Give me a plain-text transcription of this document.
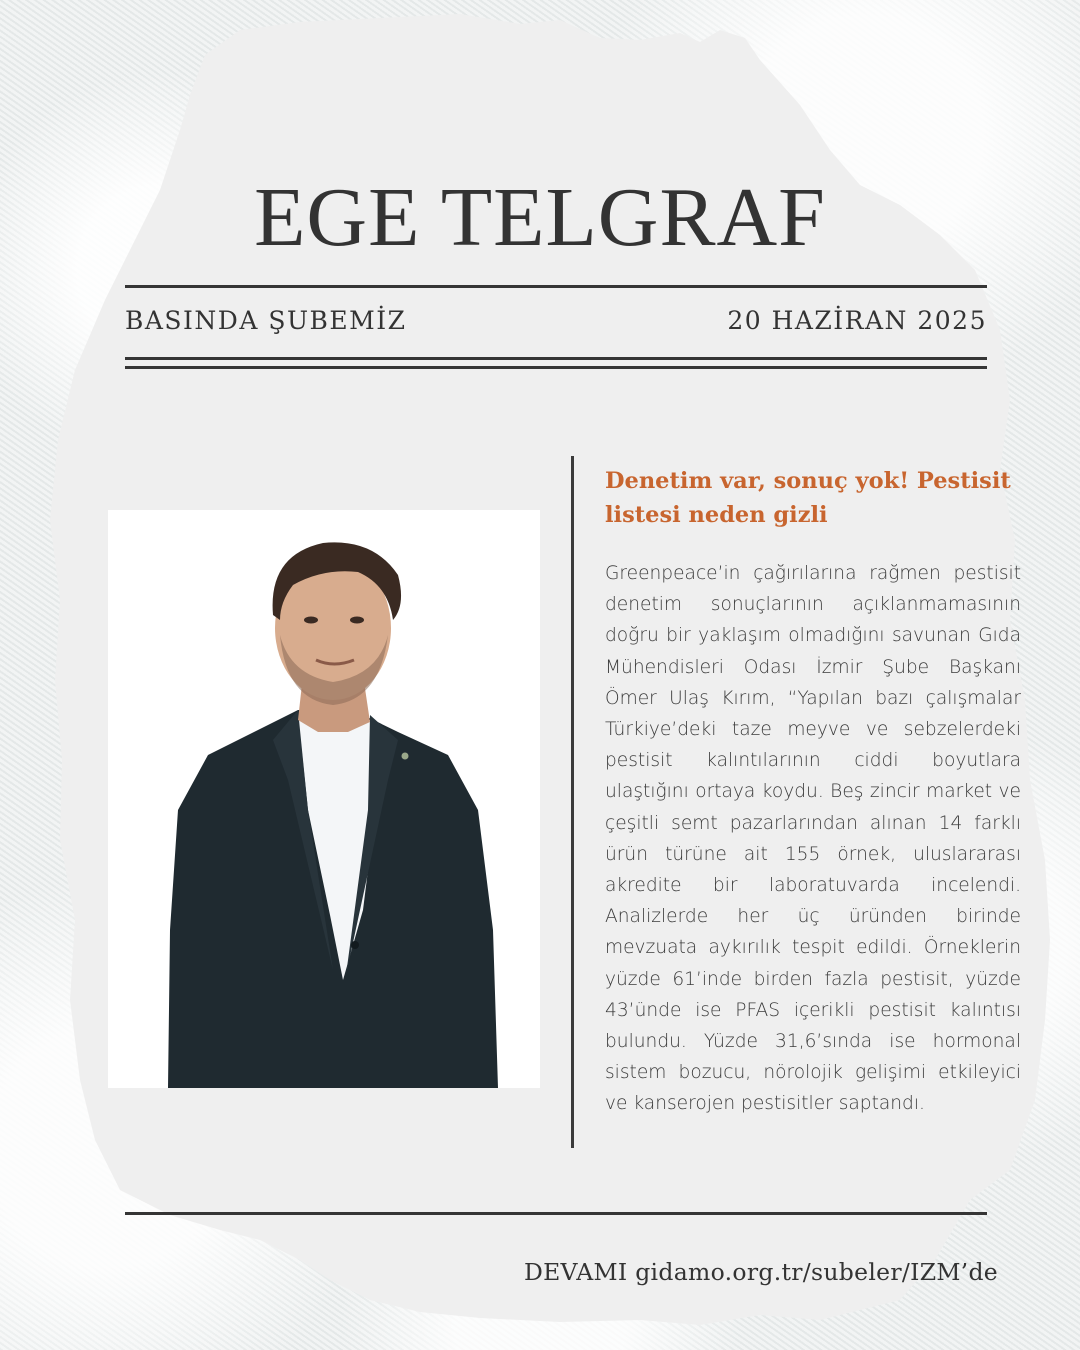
EGE TELGRAF
BASINDA ŞUBEMİZ	20 HAZİRAN 2025
Denetim var, sonuç yok! Pestisit listesi neden gizli
Greenpeace’in çağırılarına rağmen pestisit denetim sonuçlarının açıklanmamasının doğru bir yaklaşım olmadığını savunan Gıda Mühendisleri Odası İzmir Şube Başkanı Ömer Ulaş Kırım, “Yapılan bazı çalışmalar Türkiye’deki taze meyve ve sebzelerdeki pestisit kalıntılarının ciddi boyutlara ulaştığını ortaya koydu. Beş zincir market ve çeşitli semt pazarlarından alınan 14 farklı ürün türüne ait 155 örnek, uluslararası akredite bir laboratuvarda incelendi. Analizlerde her üç üründen birinde mevzuata aykırılık tespit edildi. Örneklerin yüzde 61’inde birden fazla pestisit, yüzde 43’ünde ise PFAS içerikli pestisit kalıntısı bulundu. Yüzde 31,6’sında ise hormonal sistem bozucu, nörolojik gelişimi etkileyici ve kanserojen pestisitler saptandı.
DEVAMI gidamo.org.tr/subeler/IZM’de
